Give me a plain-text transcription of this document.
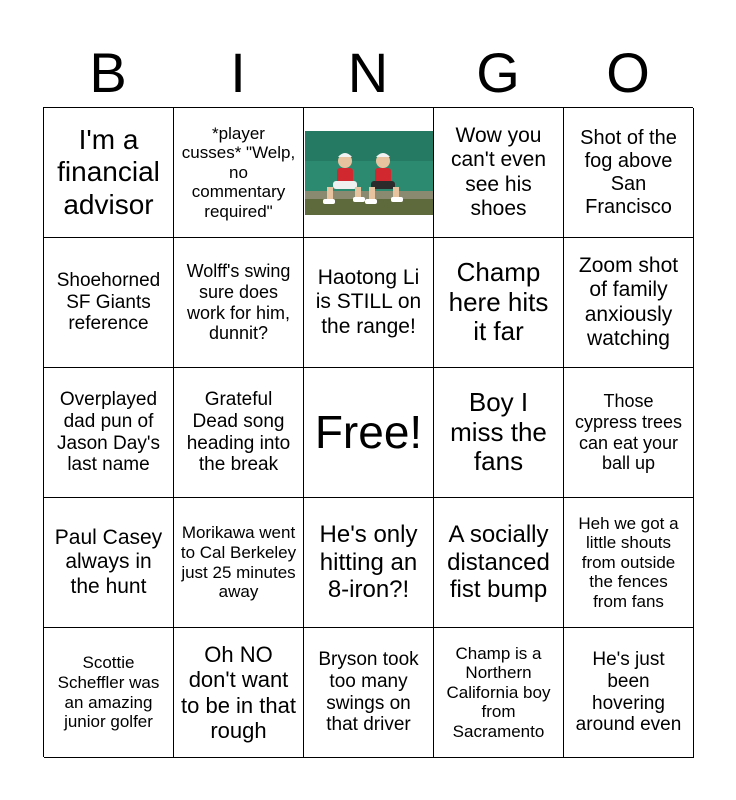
B	I	N	G	O
I'm a financial advisor
*player cusses* "Welp, no commentary required"
Wow you can't even see his shoes
Shot of the fog above San Francisco
Shoehorned SF Giants reference
Wolff's swing sure does work for him, dunnit?
Haotong Li is STILL on the range!
Champ here hits it far
Zoom shot of family anxiously watching
Overplayed dad pun of Jason Day's last name
Grateful Dead song heading into the break
Free!
Boy I miss the fans
Those cypress trees can eat your ball up
Paul Casey always in the hunt
Morikawa went to Cal Berkeley just 25 minutes away
He's only hitting an 8-iron?!
A socially distanced fist bump
Heh we got a little shouts from outside the fences from fans
Scottie Scheffler was an amazing junior golfer
Oh NO don't want to be in that rough
Bryson took too many swings on that driver
Champ is a Northern California boy from Sacramento
He's just been hovering around even
